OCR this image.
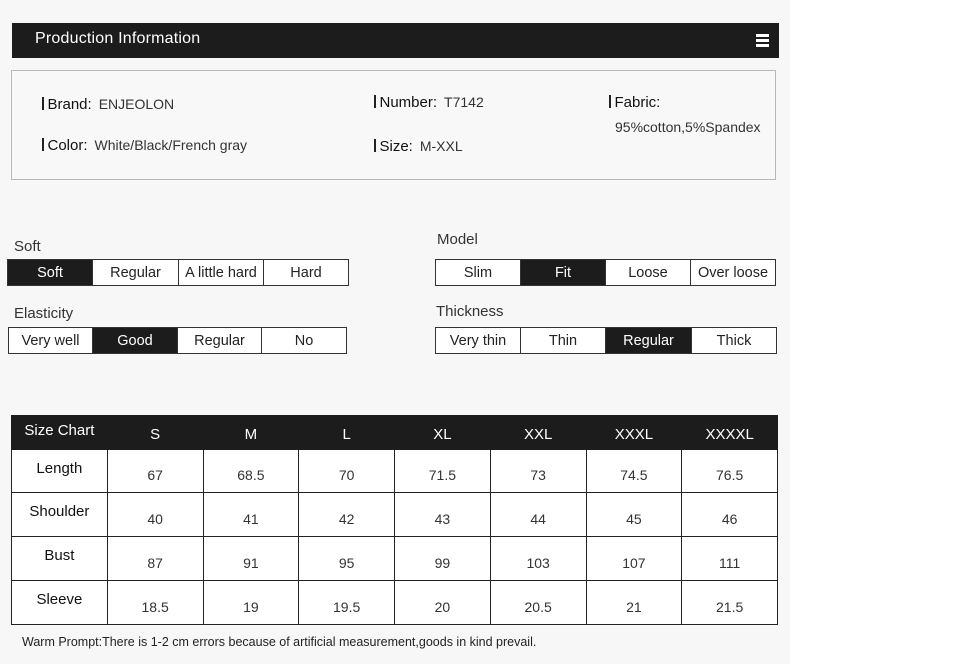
Production Information
Brand: ENJEOLON	Number: T7142	Fabric:
95%cotton,5%Spandex
Color: White/Black/French gray	Size: M-XXL
Soft
Soft	Regular	A little hard	Hard
Model
Slim	Fit	Loose	Over loose
Elasticity
Very well	Good	Regular	No
Thickness
Very thin	Thin	Regular	Thick
Size Chart	S	M	L	XL	XXL	XXXL	XXXXL
Length	67	68.5	70	71.5	73	74.5	76.5
Shoulder	40	41	42	43	44	45	46
Bust	87	91	95	99	103	107	111
Sleeve	18.5	19	19.5	20	20.5	21	21.5
Warm Prompt:There is 1-2 cm errors because of artificial measurement,goods in kind prevail.
